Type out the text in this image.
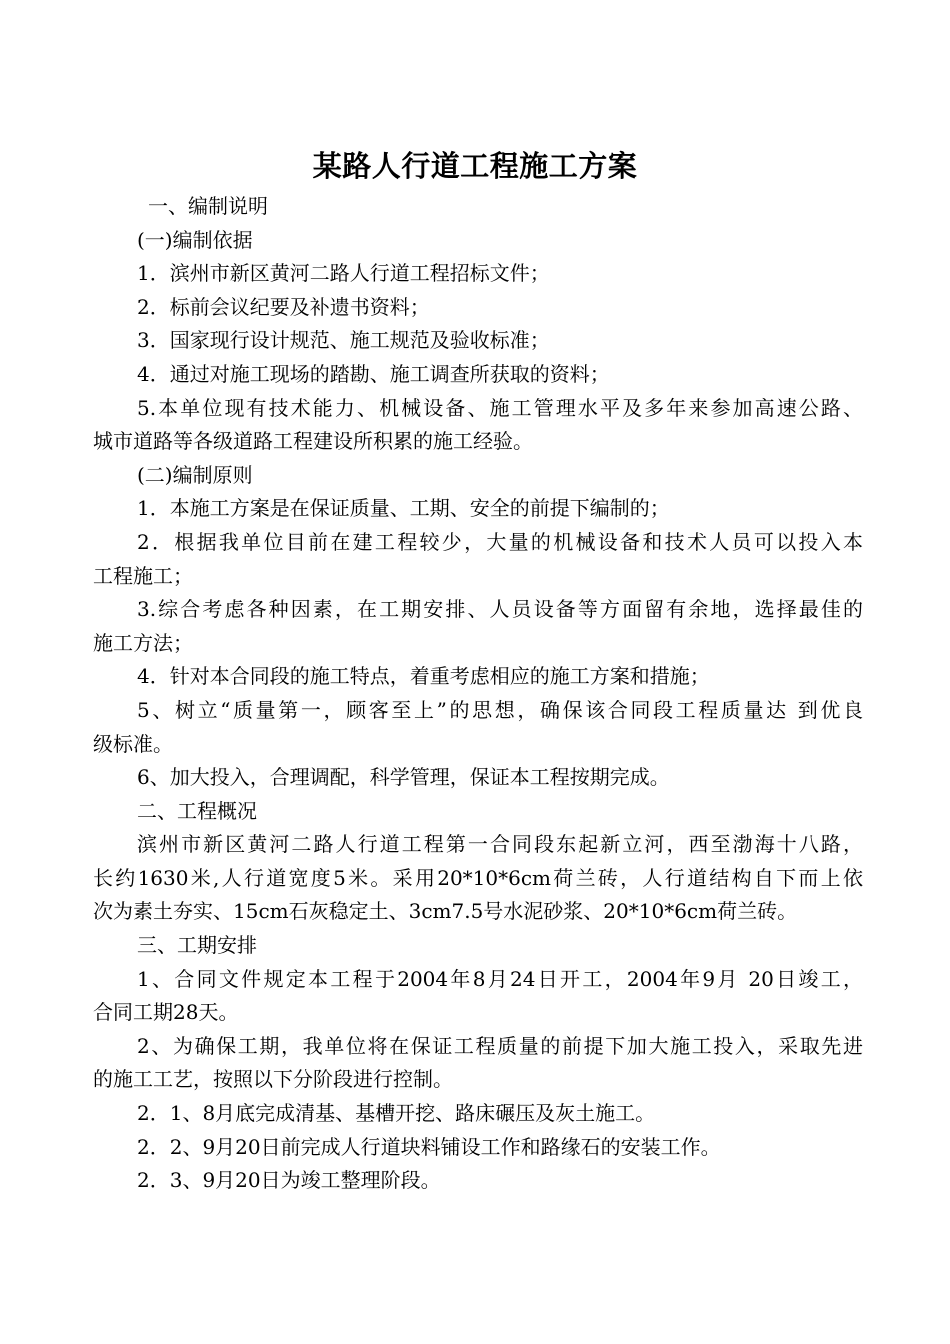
某路人行道工程施工方案
一、编制说明
(一)编制依据
1．滨州市新区黄河二路人行道工程招标文件；
2．标前会议纪要及补遗书资料；
3．国家现行设计规范、施工规范及验收标准；
4．通过对施工现场的踏勘、施工调查所获取的资料；
5.本单位现有技术能力、机械设备、施工管理水平及多年来参加高速公路、
城市道路等各级道路工程建设所积累的施工经验。
(二)编制原则
1．本施工方案是在保证质量、工期、安全的前提下编制的；
2．根据我单位目前在建工程较少，大量的机械设备和技术人员可以投入本
工程施工；
3.综合考虑各种因素，在工期安排、人员设备等方面留有余地，选择最佳的
施工方法；
4．针对本合同段的施工特点，着重考虑相应的施工方案和措施；
5、树立“质量第一，顾客至上”的思想，确保该合同段工程质量达 到优良
级标准。
6、加大投入，合理调配，科学管理，保证本工程按期完成。
二、工程概况
滨州市新区黄河二路人行道工程第一合同段东起新立河，西至渤海十八路，
长约1630米,人行道宽度5米。采用20*10*6cm荷兰砖，人行道结构自下而上依
次为素土夯实、15cm石灰稳定土、3cm7.5号水泥砂浆、20*10*6cm荷兰砖。
三、工期安排
1、合同文件规定本工程于2004年8月24日开工，2004年9月 20日竣工，
合同工期28天。
2、为确保工期，我单位将在保证工程质量的前提下加大施工投入，采取先进
的施工工艺，按照以下分阶段进行控制。
2．1、8月底完成清基、基槽开挖、路床碾压及灰土施工。
2．2、9月20日前完成人行道块料铺设工作和路缘石的安装工作。
2．3、9月20日为竣工整理阶段。
